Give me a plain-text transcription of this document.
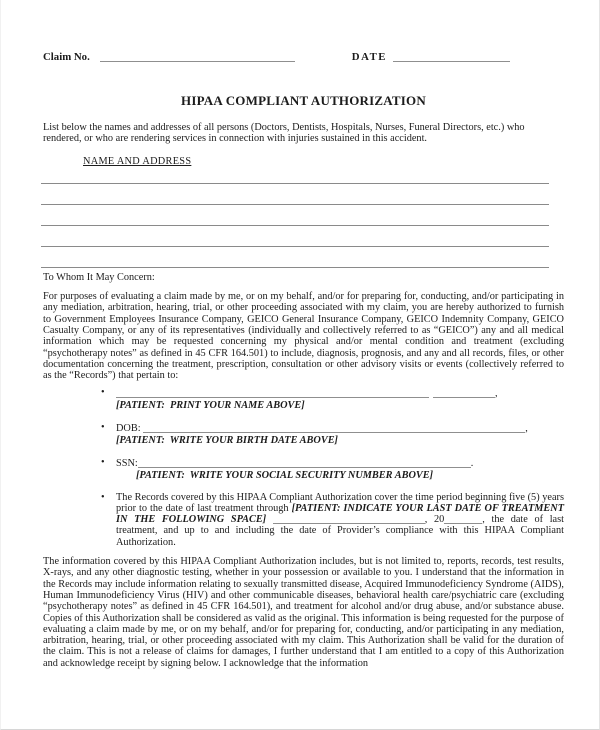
Claim No.	DATE
HIPAA COMPLIANT AUTHORIZATION
List below the names and addresses of all persons (Doctors, Dentists, Hospitals, Nurses, Funeral Directors, etc.) who rendered, or who are rendering services in connection with injuries sustained in this accident.
NAME AND ADDRESS
To Whom It May Concern:
For purposes of evaluating a claim made by me, or on my behalf, and/or for preparing for, conducting, and/or participating in any mediation, arbitration, hearing, trial, or other proceeding associated with my claim, you are hereby authorized to furnish to Government Employees Insurance Company, GEICO General Insurance Company, GEICO Indemnity Company, GEICO Casualty Company, or any of its representatives (individually and collectively referred to as “GEICO”) any and all medical information which may be requested concerning my physical and/or mental condition and treatment (excluding “psychotherapy notes” as defined in 45 CFR 164.501) to include, diagnosis, prognosis, and any and all records, files, or other documentation concerning the treatment, prescription, consultation or other advisory visits or events (collectively referred to as the “Records”) that pertain to:
• ,
[PATIENT:  PRINT YOUR NAME ABOVE]
• DOB:	,
[PATIENT:  WRITE YOUR BIRTH DATE ABOVE]
• SSN:	.
[PATIENT:  WRITE YOUR SOCIAL SECURITY NUMBER ABOVE]
• The Records covered by this HIPAA Compliant Authorization cover the time period beginning five (5) years prior to the date of last treatment through [PATIENT: INDICATE YOUR LAST DATE OF TREATMENT IN THE FOLLOWING SPACE]	, 20	, the date of last treatment, and up to and including the date of Provider’s compliance with this HIPAA Compliant Authorization.
The information covered by this HIPAA Compliant Authorization includes, but is not limited to, reports, records, test results, X-rays, and any other diagnostic testing, whether in your possession or available to you. I understand that the information in the Records may include information relating to sexually transmitted disease, Acquired Immunodeficiency Syndrome (AIDS), Human Immunodeficiency Virus (HIV) and other communicable diseases, behavioral health care/psychiatric care (excluding “psychotherapy notes” as defined in 45 CFR 164.501), and treatment for alcohol and/or drug abuse, and/or substance abuse. Copies of this Authorization shall be considered as valid as the original. This information is being requested for the purpose of evaluating a claim made by me, or on my behalf, and/or for preparing for, conducting, and/or participating in any mediation, arbitration, hearing, trial, or other proceeding associated with my claim. This Authorization shall be valid for the duration of the claim. This is not a release of claims for damages, I further understand that I am entitled to a copy of this Authorization and acknowledge receipt by signing below. I acknowledge that the information
